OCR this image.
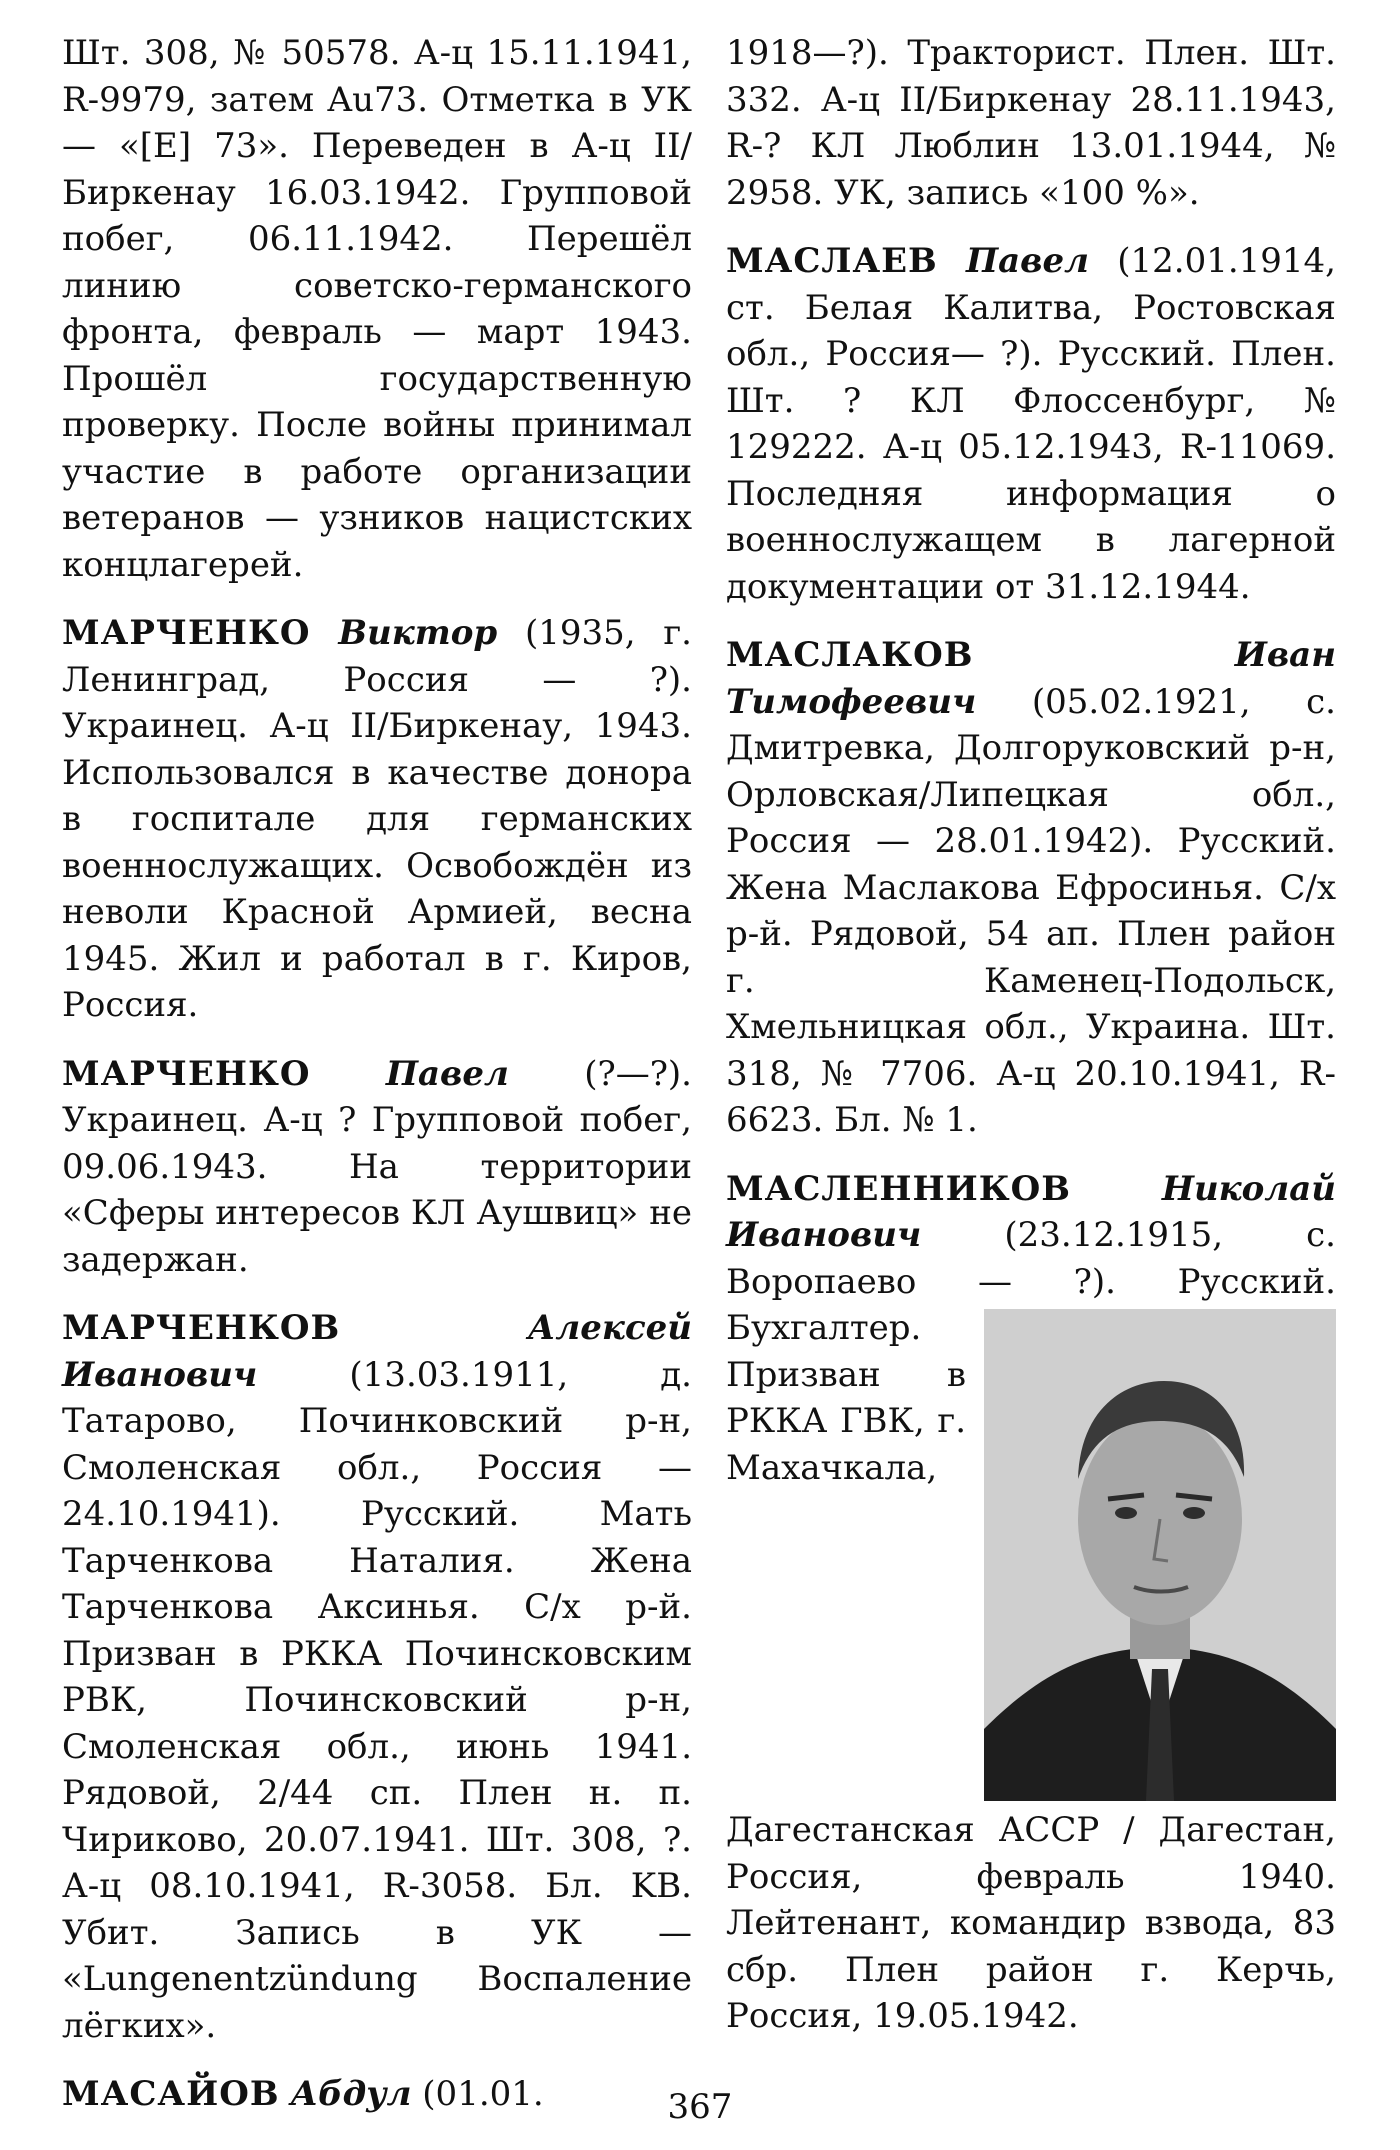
Шт. 308, № 50578. А-ц 15.11.1941, R-9979, затем Au73. Отметка в УК — «[E] 73». Переведен в А-ц II/Биркенау 16.03.1942. Групповой побег, 06.11.1942. Перешёл линию советско-германского фронта, февраль — март 1943. Прошёл государственную проверку. После войны принимал участие в работе организации ветеранов — узников нацистских концлагерей.

МАРЧЕНКО Виктор (1935, г. Ленинград, Россия — ?). Украинец. А-ц II/Биркенау, 1943. Использовался в качестве донора в госпитале для германских военнослужащих. Освобождён из неволи Красной Армией, весна 1945. Жил и работал в г. Киров, Россия.

МАРЧЕНКО Павел (?—?). Украинец. А-ц ? Групповой побег, 09.06.1943. На территории «Сферы интересов КЛ Аушвиц» не задержан.

МАРЧЕНКОВ	Алексей Иванович (13.03.1911, д. Татарово, Починковский р-н, Смоленская обл., Россия — 24.10.1941). Русский. Мать Тарченкова Наталия. Жена Тарченкова Аксинья. С/х р-й. Призван в РККА Починсковским РВК, Починсковский р-н, Смоленская обл., июнь 1941. Рядовой, 2/44 сп. Плен н. п. Чириково, 20.07.1941. Шт. 308, ?. А-ц 08.10.1941, R-3058. Бл. KB. Убит. Запись в УК — «Lungenentzündung Воспаление лёгких».

МАСАЙОВ Абдул (01.01.

1918—?). Тракторист. Плен. Шт. 332. А-ц II/Биркенау 28.11.1943, R-? КЛ Люблин 13.01.1944, № 2958. УК, запись «100 %».

МАСЛАЕВ Павел (12.01.1914, ст. Белая Калитва, Ростовская обл., Россия— ?). Русский. Плен. Шт. ? КЛ Флоссенбург, № 129222. А-ц 05.12.1943, R-11069. Последняя информация о военнослужащем в лагерной документации от 31.12.1944.

МАСЛАКОВ	Иван Тимофеевич (05.02.1921, с. Дмитревка, Долгоруковский р-н, Орловская/Липецкая обл., Россия — 28.01.1942). Русский. Жена Маслакова Ефросинья. С/х р-й. Рядовой, 54 ап. Плен район г. Каменец-Подольск, Хмельницкая обл., Украина. Шт. 318, № 7706. А-ц 20.10.1941, R-6623. Бл. № 1.

МАСЛЕННИКОВ	Николай Иванович (23.12.1915, с. Воропаево — ?).
Русский. Бухгалтер. Призван в РККА ГВК, г. Махачкала, Дагестанская АССР / Дагестан, Россия, февраль 1940. Лейтенант, командир взвода, 83 сбр. Плен район г. Керчь, Россия, 19.05.1942.

367
